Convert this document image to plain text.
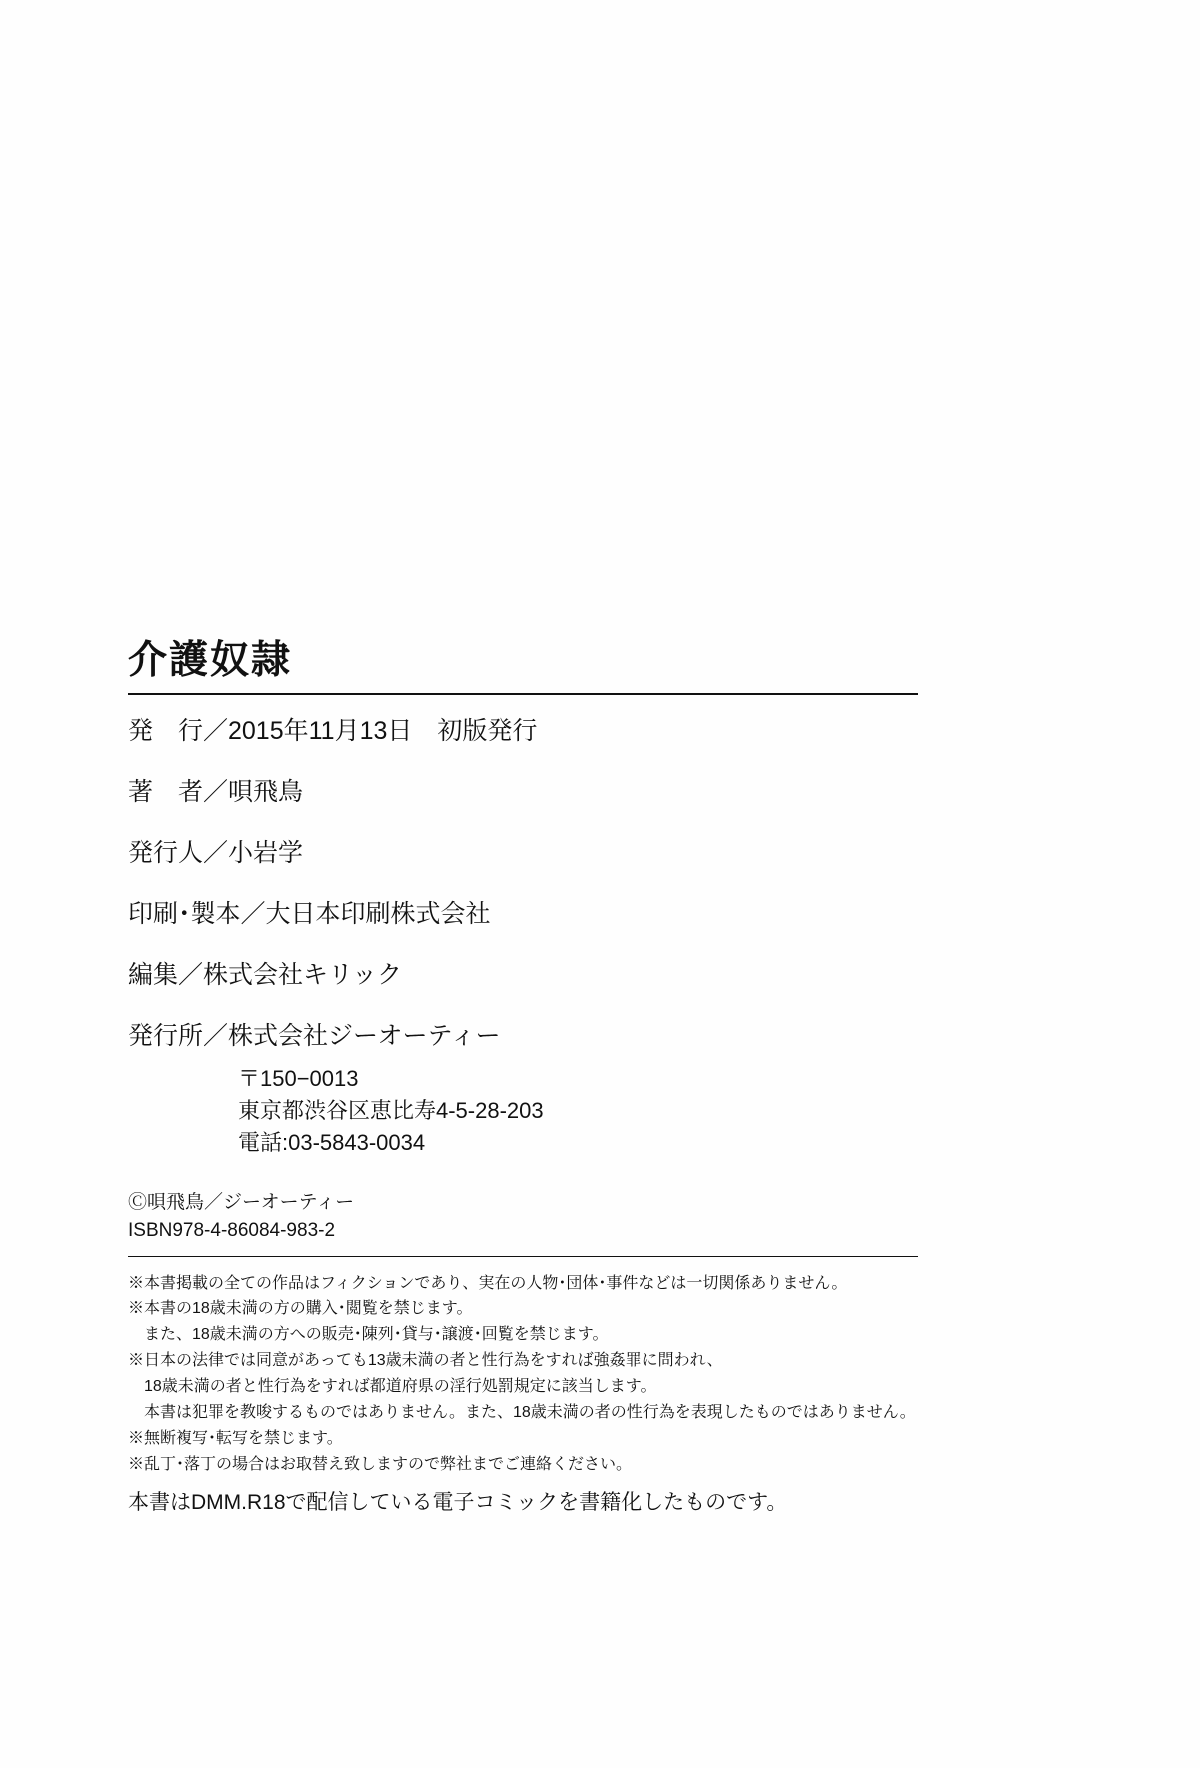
介護奴隷
発　行／2015年11月13日　初版発行
著　者／唄飛鳥
発行人／小岩学
印刷･製本／大日本印刷株式会社
編集／株式会社キリック
発行所／株式会社ジーオーティー
〒150−0013
東京都渋谷区恵比寿4-5-28-203
電話:03-5843-0034
Ⓒ唄飛鳥／ジーオーティー
ISBN978-4-86084-983-2
※本書掲載の全ての作品はフィクションであり、実在の人物･団体･事件などは一切関係ありません。
※本書の18歳未満の方の購入･閲覧を禁じます。
また、18歳未満の方への販売･陳列･貸与･譲渡･回覧を禁じます。
※日本の法律では同意があっても13歳未満の者と性行為をすれば強姦罪に問われ、
18歳未満の者と性行為をすれば都道府県の淫行処罰規定に該当します。
本書は犯罪を教唆するものではありません。また、18歳未満の者の性行為を表現したものではありません。
※無断複写･転写を禁じます。
※乱丁･落丁の場合はお取替え致しますので弊社までご連絡ください。
本書はDMM.R18で配信している電子コミックを書籍化したものです。
